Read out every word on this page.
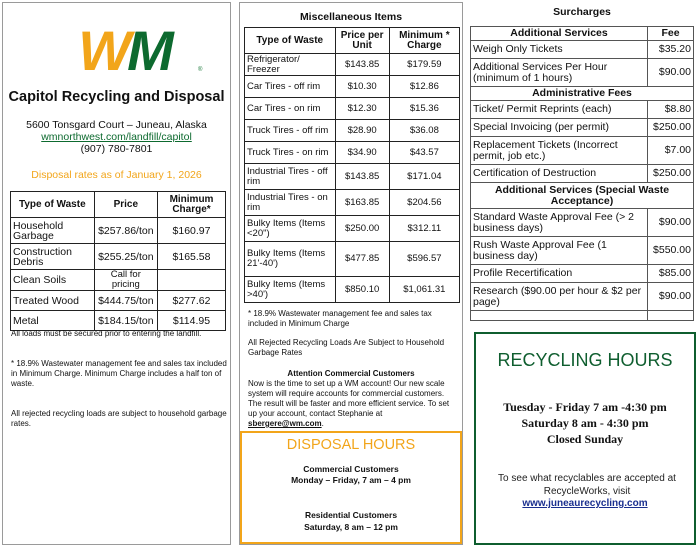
WM	®
Capitol Recycling and Disposal
5600 Tonsgard Court – Juneau, Alaska
wmnorthwest.com/landfill/capitol
(907) 780-7801
Disposal rates as of January 1, 2026
Type of Waste	Price	Minimum Charge*
Household Garbage	$257.86/ton	$160.97
Construction Debris	$255.25/ton	$165.58
Clean Soils	Call for pricing	
Treated Wood	$444.75/ton	$277.62
Metal	$184.15/ton	$114.95
All loads must be secured prior to entering the landfill.
* 18.9% Wastewater management fee and sales tax included in Minimum Charge. Minimum Charge includes a half ton of waste.
All rejected recycling loads are subject to household garbage rates.
Miscellaneous Items
Type of Waste	Price per Unit	Minimum * Charge
Refrigerator/ Freezer	$143.85	$179.59
Car Tires - off rim	$10.30	$12.86
Car Tires - on rim	$12.30	$15.36
Truck Tires - off rim	$28.90	$36.08
Truck Tires - on rim	$34.90	$43.57
Industrial Tires - off rim	$143.85	$171.04
Industrial Tires - on rim	$163.85	$204.56
Bulky Items (Items <20")	$250.00	$312.11
Bulky Items (Items 21'-40')	$477.85	$596.57
Bulky Items (Items >40')	$850.10	$1,061.31
* 18.9% Wastewater management fee and sales tax included in Minimum Charge
All Rejected Recycling Loads Are Subject to Household Garbage Rates
Attention Commercial Customers
Now is the time to set up a WM account! Our new scale system will require accounts for commercial customers. The result will be faster and more efficient service. To set up your account, contact Stephanie at sbergere@wm.com.
DISPOSAL HOURS
Commercial Customers
Monday – Friday, 7 am – 4 pm
Residential Customers
Saturday, 8 am – 12 pm
Surcharges
Additional Services	Fee
Weigh Only Tickets	$35.20
Additional Services Per Hour (minimum of 1 hours)	$90.00
Administrative Fees	
Ticket/ Permit Reprints (each)	$8.80
Special Invoicing (per permit)	$250.00
Replacement Tickets (Incorrect permit, job etc.)	$7.00
Certification of Destruction	$250.00
Additional Services (Special Waste Acceptance)	
Standard Waste Approval Fee (> 2 business days)	$90.00
Rush Waste Approval Fee (1 business day)	$550.00
Profile Recertification	$85.00
Research ($90.00 per hour & $2 per page)	$90.00

RECYCLING HOURS
Tuesday - Friday 7 am -4:30 pm
Saturday 8 am - 4:30 pm
Closed Sunday
To see what recyclables are accepted at RecycleWorks, visit
www.juneaurecycling.com
